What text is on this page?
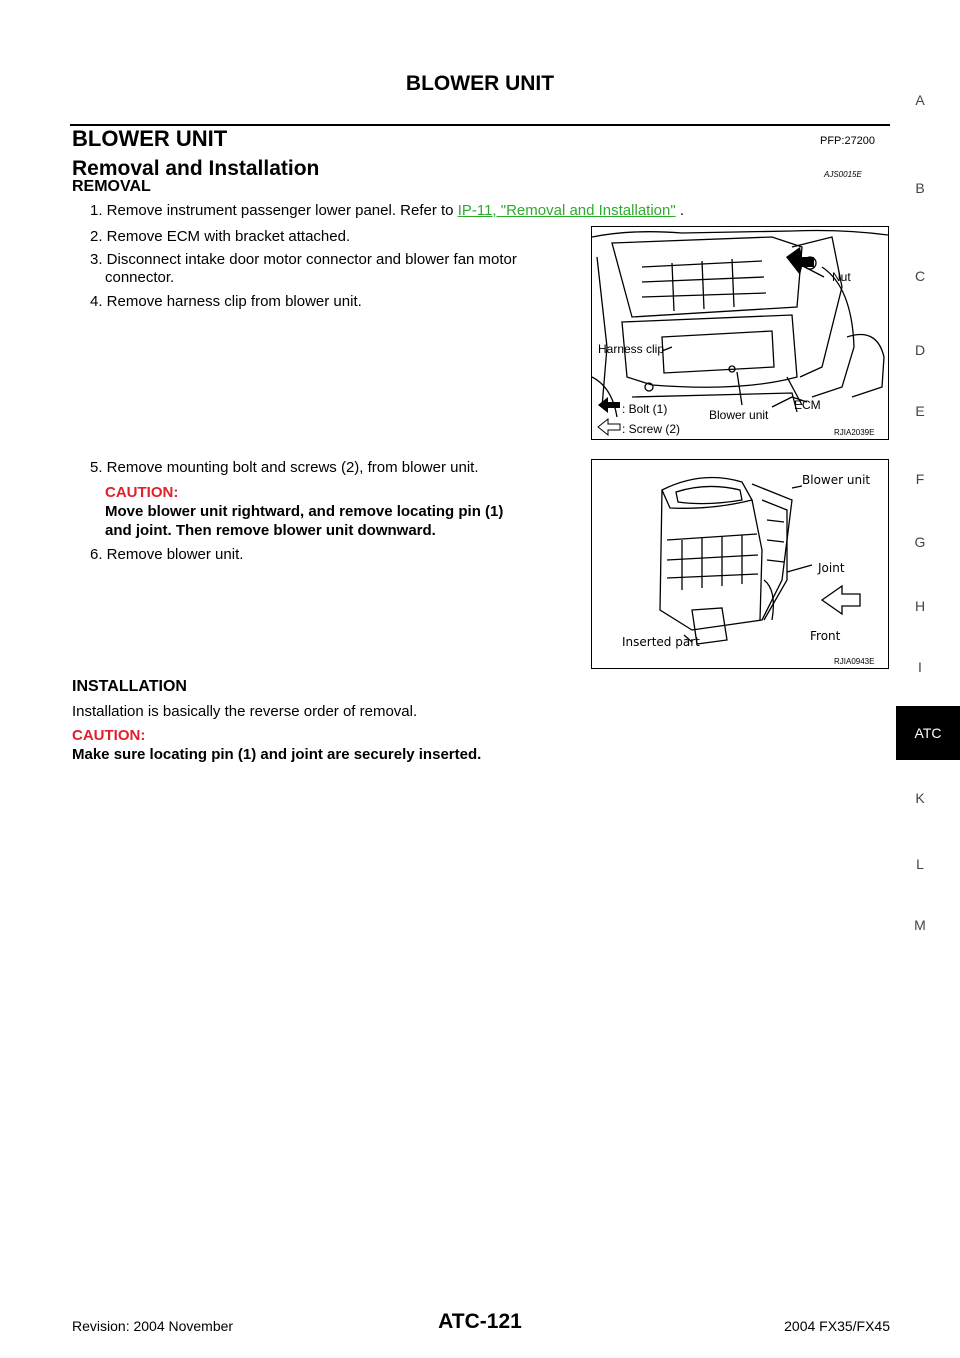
BLOWER UNIT
BLOWER UNIT	PFP:27200
Removal and Installation	AJS0015E
REMOVAL
1. Remove instrument passenger lower panel. Refer to IP-11, "Removal and Installation" .
2. Remove ECM with bracket attached.
3. Disconnect intake door motor connector and blower fan motor
connector.
4. Remove harness clip from blower unit.
Nut
Harness clip
: Bolt (1)
: Screw (2)
Blower unit
ECM
RJIA2039E
5. Remove mounting bolt and screws (2), from blower unit.
CAUTION:
Move blower unit rightward, and remove locating pin (1)
and joint. Then remove blower unit downward.
6. Remove blower unit.
Blower unit
Joint
Front
Inserted part
RJIA0943E
INSTALLATION
Installation is basically the reverse order of removal.
CAUTION:
Make sure locating pin (1) and joint are securely inserted.
A
B
C
D
E
F
G
H
I
ATC
K
L
M
Revision: 2004 November	ATC-121	2004 FX35/FX45
